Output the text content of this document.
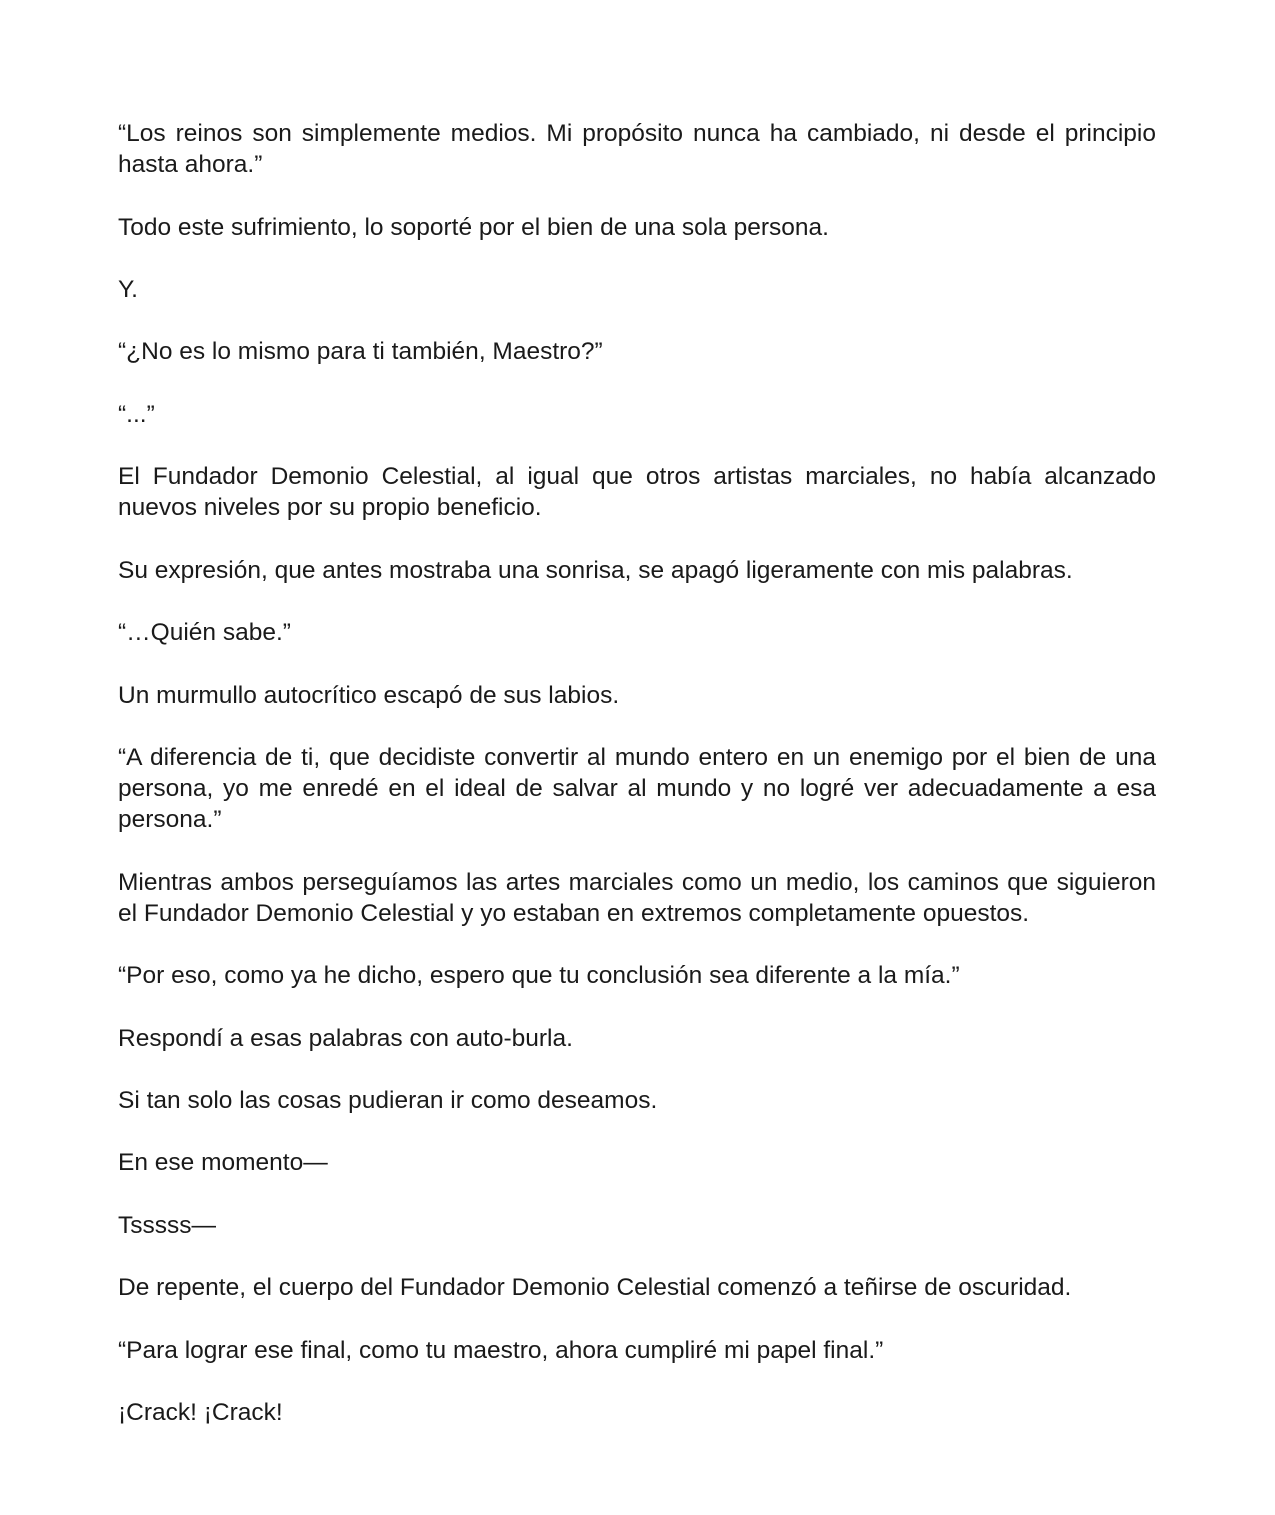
“Los reinos son simplemente medios. Mi propósito nunca ha cambiado, ni desde el principio hasta ahora.”

Todo este sufrimiento, lo soporté por el bien de una sola persona.

Y.

“¿No es lo mismo para ti también, Maestro?”

“...”

El Fundador Demonio Celestial, al igual que otros artistas marciales, no había alcanzado nuevos niveles por su propio beneficio.

Su expresión, que antes mostraba una sonrisa, se apagó ligeramente con mis palabras.

“…Quién sabe.”

Un murmullo autocrítico escapó de sus labios.

“A diferencia de ti, que decidiste convertir al mundo entero en un enemigo por el bien de una persona, yo me enredé en el ideal de salvar al mundo y no logré ver adecuadamente a esa persona.”

Mientras ambos perseguíamos las artes marciales como un medio, los caminos que siguieron el Fundador Demonio Celestial y yo estaban en extremos completamente opuestos.

“Por eso, como ya he dicho, espero que tu conclusión sea diferente a la mía.”

Respondí a esas palabras con auto-burla.

Si tan solo las cosas pudieran ir como deseamos.

En ese momento—

Tsssss—

De repente, el cuerpo del Fundador Demonio Celestial comenzó a teñirse de oscuridad.

“Para lograr ese final, como tu maestro, ahora cumpliré mi papel final.”

¡Crack! ¡Crack!
